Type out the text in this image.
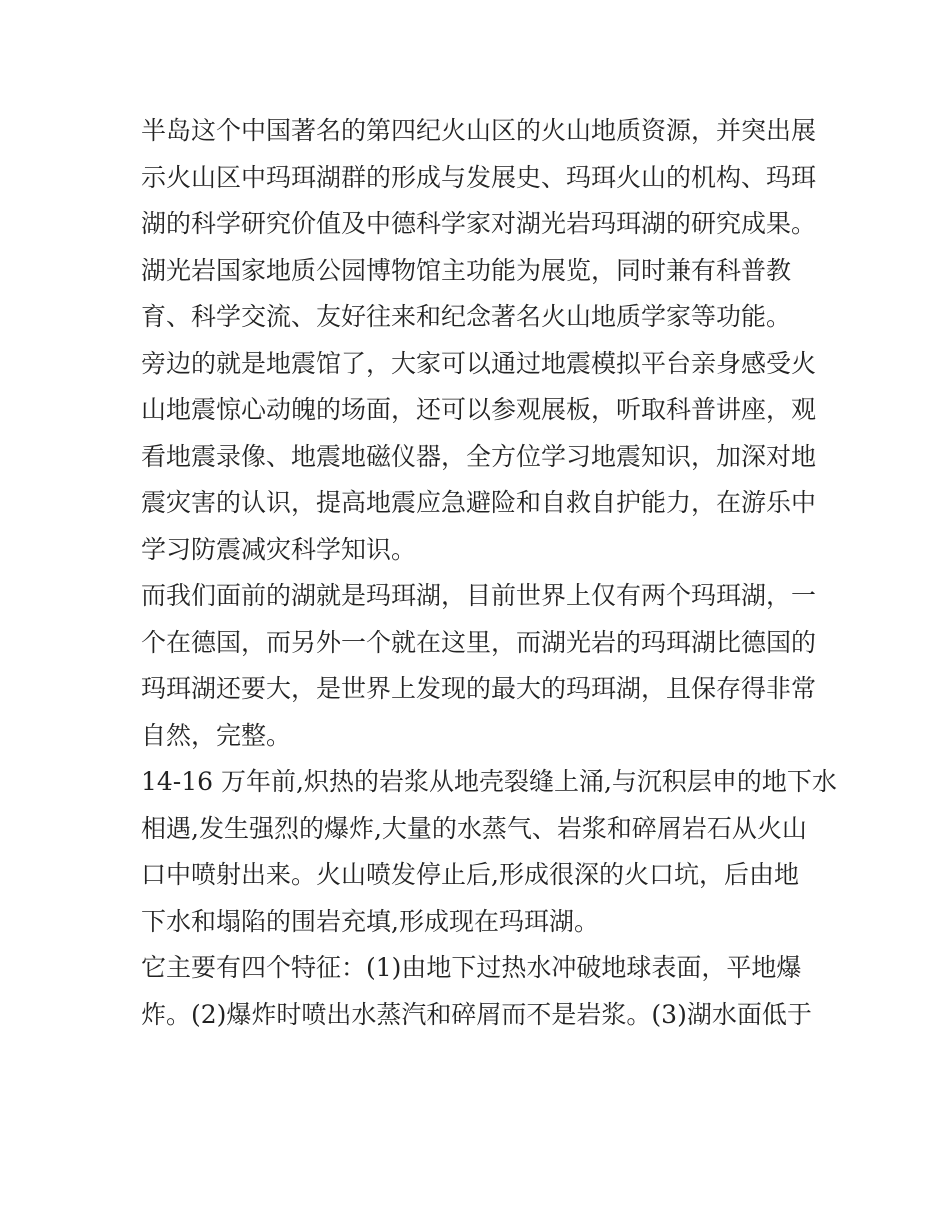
半岛这个中国著名的第四纪火山区的火山地质资源，并突出展
示火山区中玛珥湖群的形成与发展史、玛珥火山的机构、玛珥
湖的科学研究价值及中德科学家对湖光岩玛珥湖的研究成果。
湖光岩国家地质公园博物馆主功能为展览，同时兼有科普教
育、科学交流、友好往来和纪念著名火山地质学家等功能。
旁边的就是地震馆了，大家可以通过地震模拟平台亲身感受火
山地震惊心动魄的场面，还可以参观展板，听取科普讲座，观
看地震录像、地震地磁仪器，全方位学习地震知识，加深对地
震灾害的认识，提高地震应急避险和自救自护能力，在游乐中
学习防震减灾科学知识。
而我们面前的湖就是玛珥湖，目前世界上仅有两个玛珥湖，一
个在德国，而另外一个就在这里，而湖光岩的玛珥湖比德国的
玛珥湖还要大，是世界上发现的最大的玛珥湖，且保存得非常
自然，完整。
14-16 万年前,炽热的岩浆从地壳裂缝上涌,与沉积层申的地下水
相遇,发生强烈的爆炸,大量的水蒸气、岩浆和碎屑岩石从火山
口中喷射出来。火山喷发停止后,形成很深的火口坑，后由地
下水和塌陷的围岩充填,形成现在玛珥湖。
它主要有四个特征：(1)由地下过热水冲破地球表面，平地爆
炸。(2)爆炸时喷出水蒸汽和碎屑而不是岩浆。(3)湖水面低于
